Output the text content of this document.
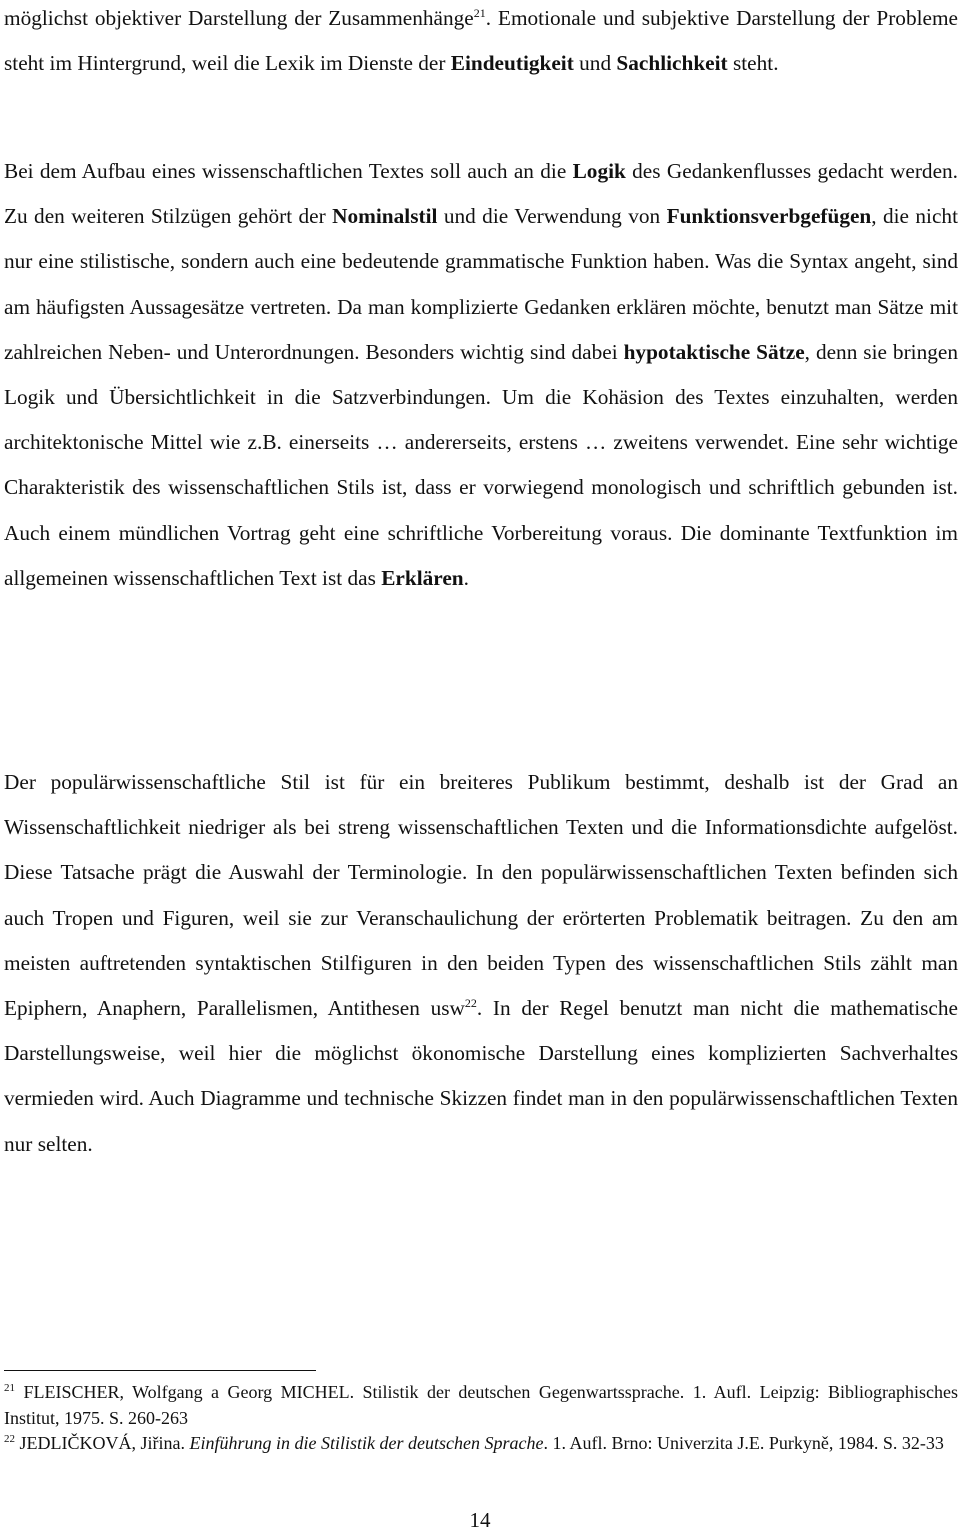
möglichst objektiver Darstellung der Zusammenhänge$^{21}$. Emotionale und subjektive Darstellung der Probleme steht im Hintergrund, weil die Lexik im Dienste der Eindeutigkeit und Sachlichkeit steht.

Bei dem Aufbau eines wissenschaftlichen Textes soll auch an die Logik des Gedankenflusses gedacht werden. Zu den weiteren Stilzügen gehört der Nominalstil und die Verwendung von Funktionsverbgefügen, die nicht nur eine stilistische, sondern auch eine bedeutende grammatische Funktion haben. Was die Syntax angeht, sind am häufigsten Aussagesätze vertreten. Da man komplizierte Gedanken erklären möchte, benutzt man Sätze mit zahlreichen Neben- und Unterordnungen. Besonders wichtig sind dabei hypotaktische Sätze, denn sie bringen Logik und Übersichtlichkeit in die Satzverbindungen. Um die Kohäsion des Textes einzuhalten, werden architektonische Mittel wie z.B. einerseits … andererseits, erstens … zweitens verwendet. Eine sehr wichtige Charakteristik des wissenschaftlichen Stils ist, dass er vorwiegend monologisch und schriftlich gebunden ist. Auch einem mündlichen Vortrag geht eine schriftliche Vorbereitung voraus. Die dominante Textfunktion im allgemeinen wissenschaftlichen Text ist das Erklären.

Der populärwissenschaftliche Stil ist für ein breiteres Publikum bestimmt, deshalb ist der Grad an Wissenschaftlichkeit niedriger als bei streng wissenschaftlichen Texten und die Informationsdichte aufgelöst. Diese Tatsache prägt die Auswahl der Terminologie. In den populärwissenschaftlichen Texten befinden sich auch Tropen und Figuren, weil sie zur Veranschaulichung der erörterten Problematik beitragen. Zu den am meisten auftretenden syntaktischen Stilfiguren in den beiden Typen des wissenschaftlichen Stils zählt man Epiphern, Anaphern, Parallelismen, Antithesen usw$^{22}$. In der Regel benutzt man nicht die mathematische Darstellungsweise, weil hier die möglichst ökonomische Darstellung eines komplizierten Sachverhaltes vermieden wird. Auch Diagramme und technische Skizzen findet man in den populärwissenschaftlichen Texten nur selten.

$^{21}$ FLEISCHER, Wolfgang a Georg MICHEL. Stilistik der deutschen Gegenwartssprache. 1. Aufl. Leipzig: Bibliographisches Institut, 1975. S. 260-263

$^{22}$ JEDLIČKOVÁ, Jiřina. Einführung in die Stilistik der deutschen Sprache. 1. Aufl. Brno: Univerzita J.E. Purkyně, 1984. S. 32-33

14
